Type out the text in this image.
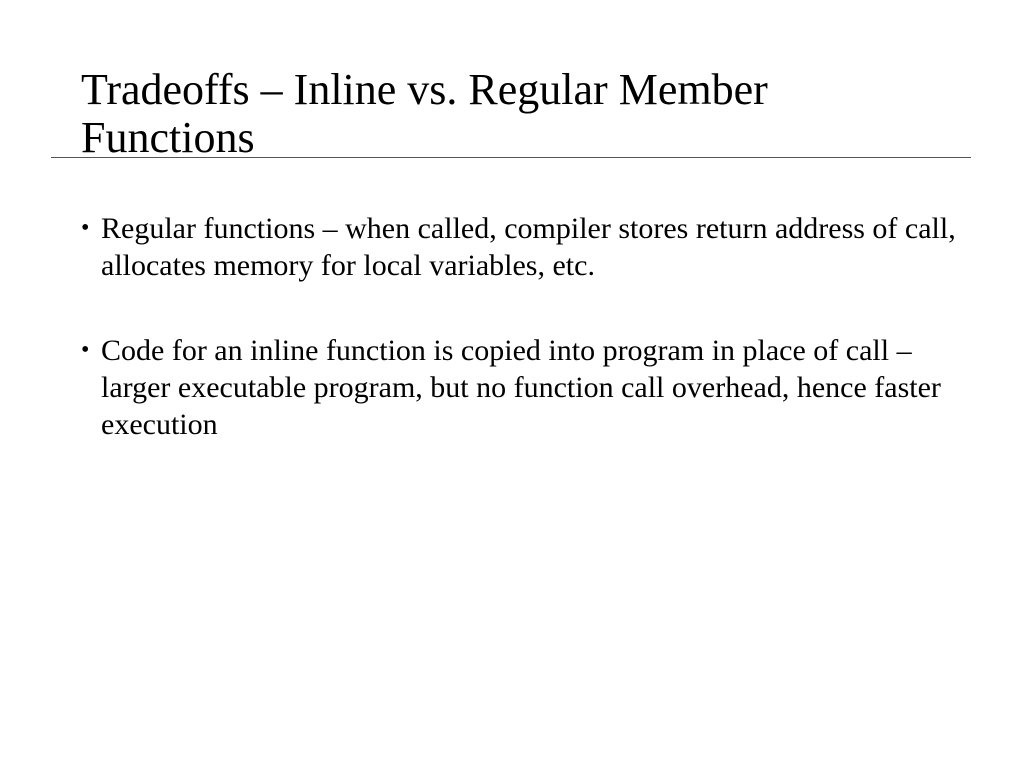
Tradeoffs – Inline vs. Regular Member Functions
• Regular functions – when called, compiler stores return address of call, allocates memory for local variables, etc.
• Code for an inline function is copied into program in place of call – larger executable program, but no function call overhead, hence faster execution
